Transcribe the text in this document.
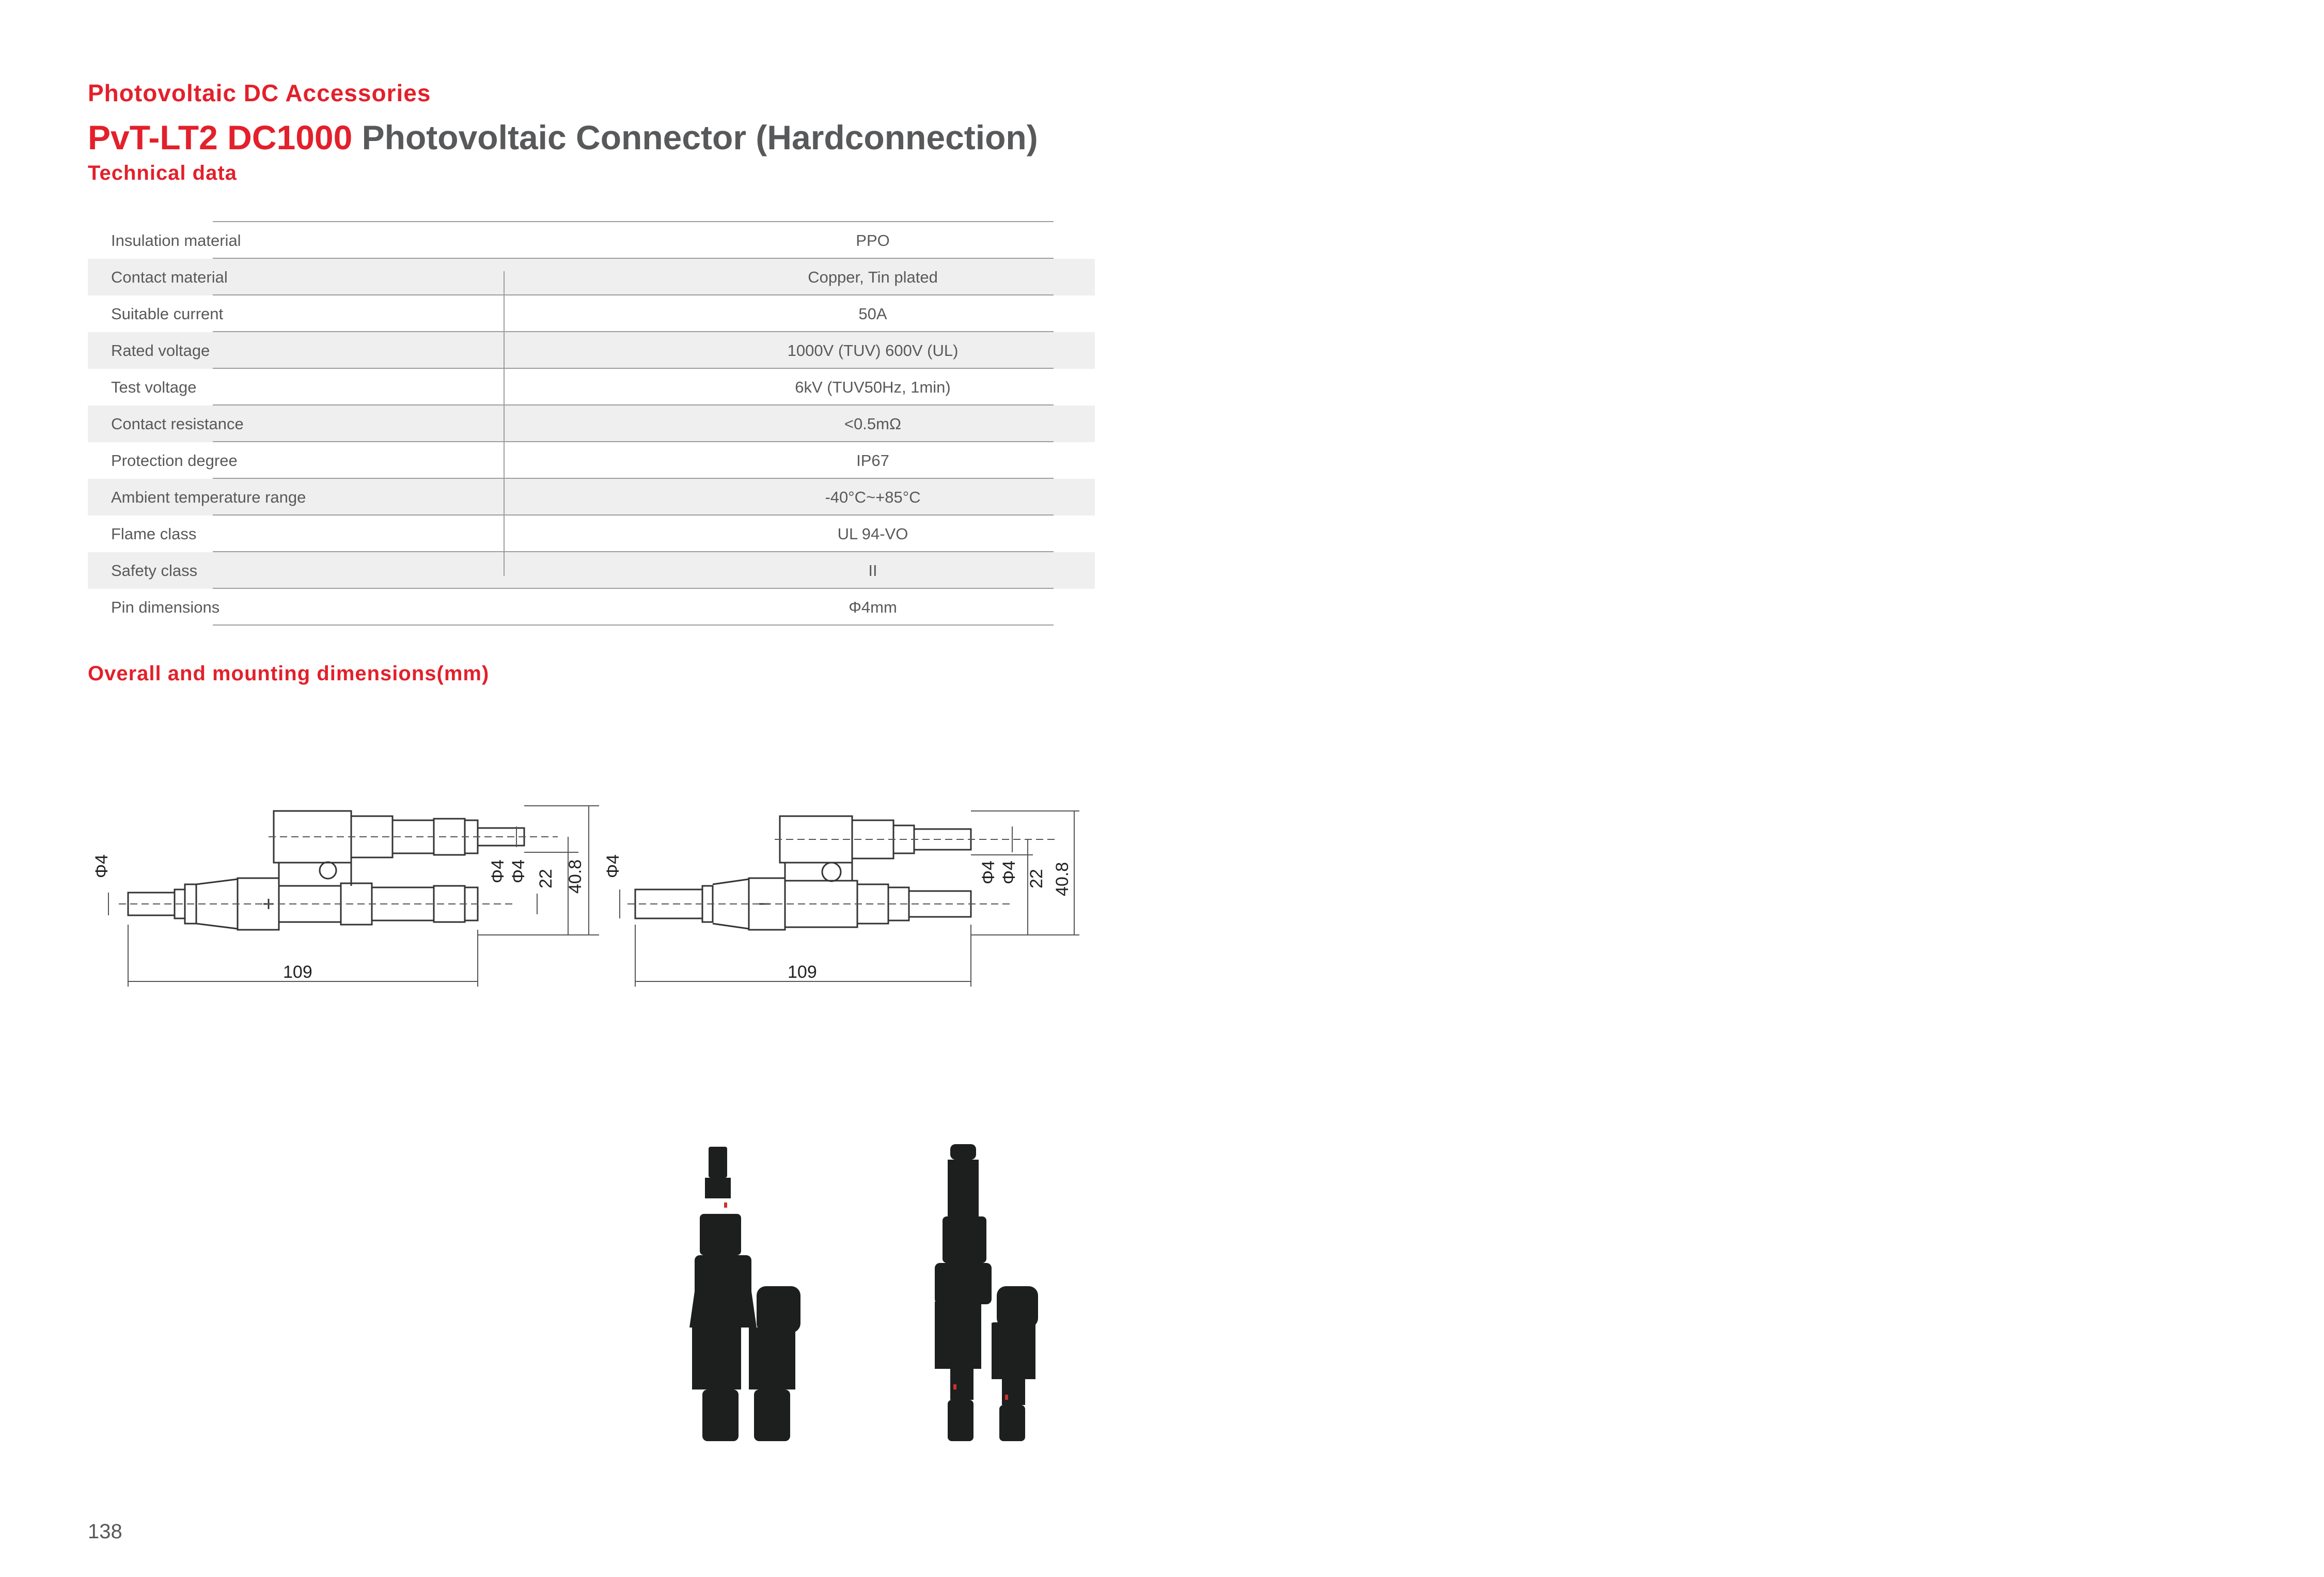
Photovoltaic DC Accessories
PvT-LT2 DC1000 Photovoltaic Connector (Hardconnection)
Technical data
Insulation material	PPO
Contact material	Copper, Tin plated
Suitable current	50A
Rated voltage	1000V (TUV) 600V (UL)
Test voltage	6kV (TUV50Hz, 1min)
Contact resistance	<0.5mΩ
Protection degree	IP67
Ambient temperature range	-40°C~+85°C
Flame class	UL 94-VO
Safety class	II
Pin dimensions	Φ4mm
Overall and mounting dimensions(mm)
Φ4	Φ4 Φ4 22 40.8
109
Φ4	Φ4 Φ4 22 40.8
109
138
